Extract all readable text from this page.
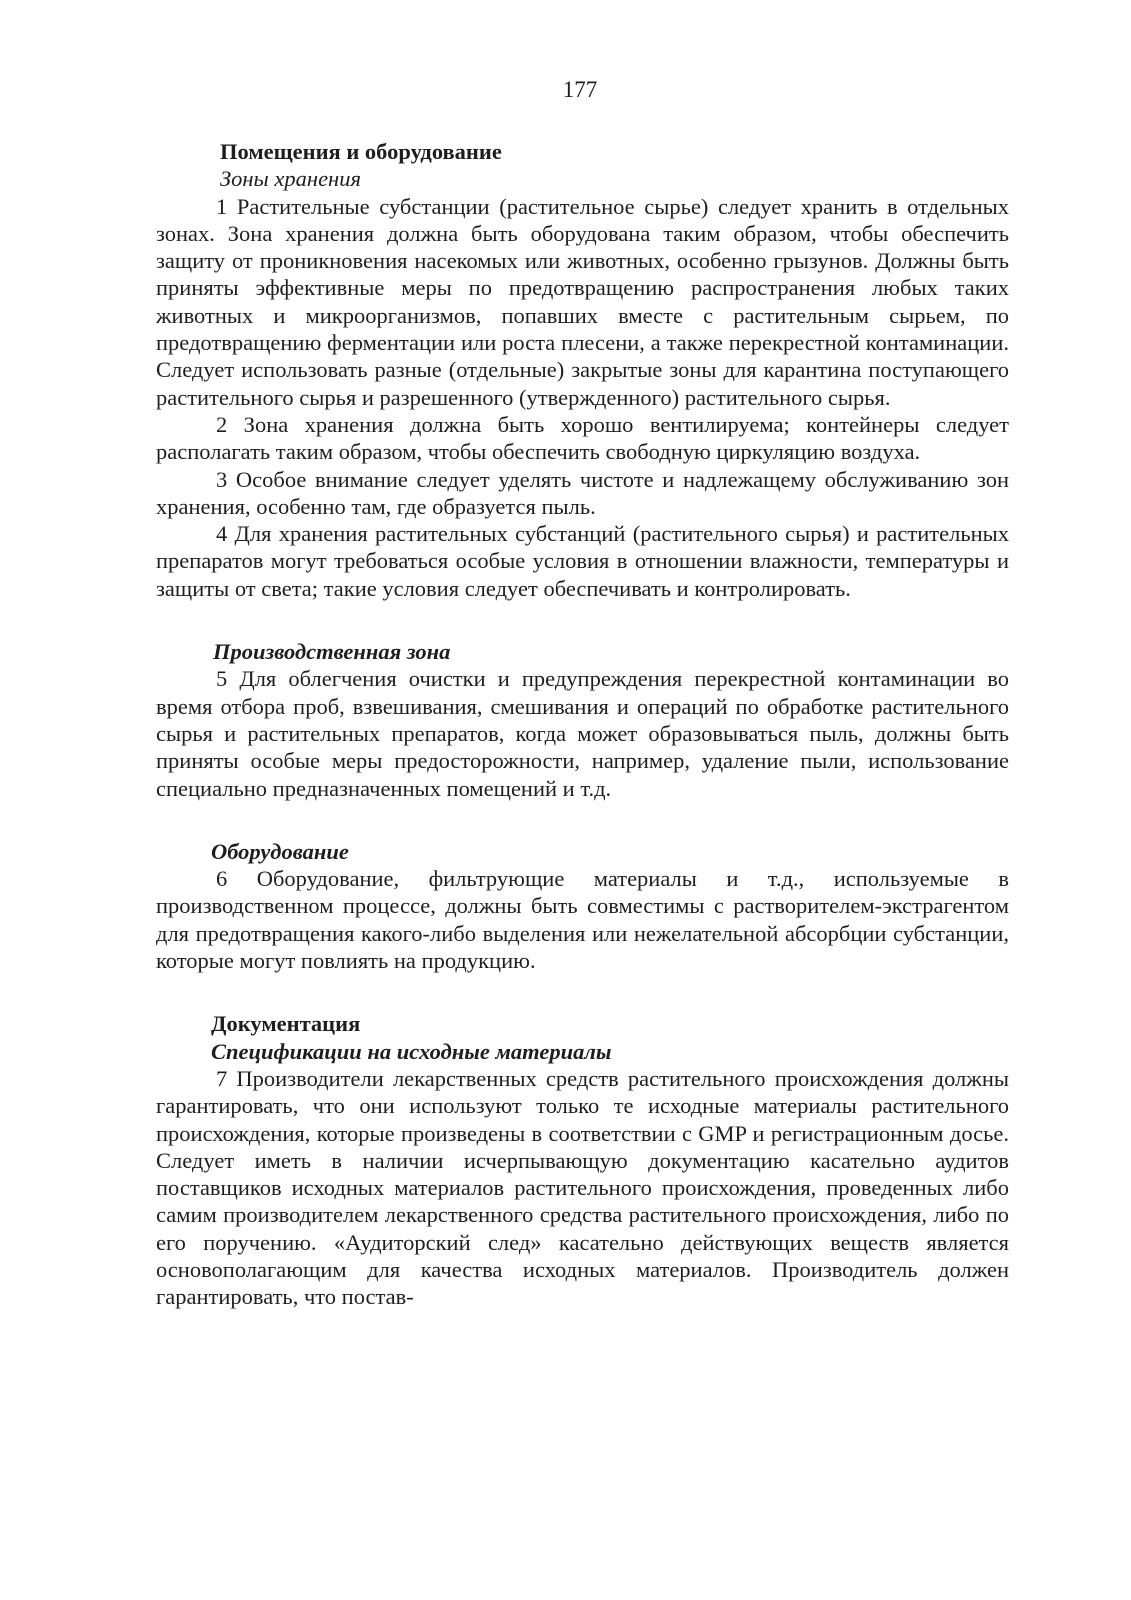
177
Помещения и оборудование
Зоны хранения

1 Растительные субстанции (растительное сырье) следует хранить в отдельных зонах. Зона хранения должна быть оборудована таким образом, чтобы обеспечить защиту от проникновения насекомых или животных, особенно грызунов. Должны быть приняты эффективные меры по предотвращению распространения любых таких животных и микроорганизмов, попавших вместе с растительным сырьем, по предотвращению ферментации или роста плесени, а также перекрестной контаминации. Следует использовать разные (отдельные) закрытые зоны для карантина поступающего растительного сырья и разрешенного (утвержденного) растительного сырья.

2 Зона хранения должна быть хорошо вентилируема; контейнеры следует располагать таким образом, чтобы обеспечить свободную циркуляцию воздуха.

3 Особое внимание следует уделять чистоте и надлежащему обслуживанию зон хранения, особенно там, где образуется пыль.

4 Для хранения растительных субстанций (растительного сырья) и растительных препаратов могут требоваться особые условия в отношении влажности, температуры и защиты от света; такие условия следует обеспечивать и контролировать.

Производственная зона

5 Для облегчения очистки и предупреждения перекрестной контаминации во время отбора проб, взвешивания, смешивания и операций по обработке растительного сырья и растительных препаратов, когда может образовываться пыль, должны быть приняты особые меры предосторожности, например, удаление пыли, использование специально предназначенных помещений и т.д.

Оборудование

6 Оборудование, фильтрующие материалы и т.д., используемые в производственном процессе, должны быть совместимы с растворителем-экстрагентом для предотвращения какого-либо выделения или нежелательной абсорбции субстанции, которые могут повлиять на продукцию.

Документация
Спецификации на исходные материалы

7 Производители лекарственных средств растительного происхождения должны гарантировать, что они используют только те исходные материалы растительного происхождения, которые произведены в соответствии с GMP и регистрационным досье. Следует иметь в наличии исчерпывающую документацию касательно аудитов поставщиков исходных материалов растительного происхождения, проведенных либо самим производителем лекарственного средства растительного происхождения, либо по его поручению. «Аудиторский след» касательно действующих веществ является основополагающим для качества исходных материалов. Производитель должен гарантировать, что постав-
